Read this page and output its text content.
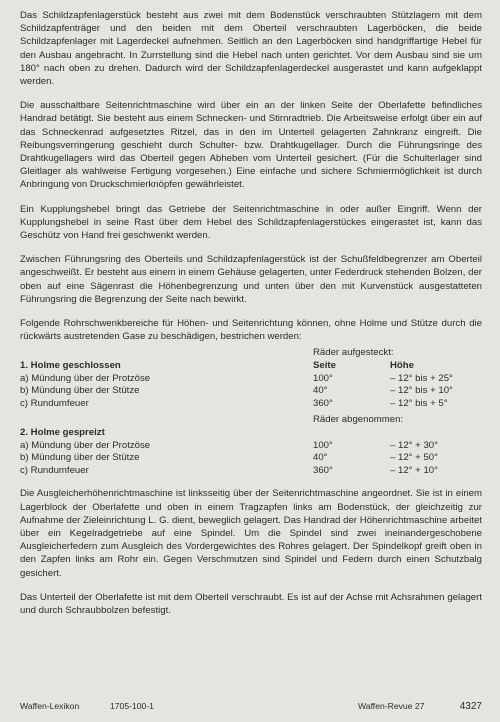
Das Schildzapfenlagerstück besteht aus zwei mit dem Bodenstück verschraubten Stützlagern mit dem Schildzapfenträger und den beiden mit dem Oberteil verschraubten Lagerböcken, die beide Schildzapfenlager mit Lagerdeckel aufnehmen. Seitlich an den Lagerböcken sind handgriffartige Hebel für den Ausbau angebracht. In Zurrstellung sind die Hebel nach unten gerichtet. Vor dem Ausbau sind sie um 180° nach oben zu drehen. Dadurch wird der Schildzapfenlagerdeckel ausgerastet und kann aufgeklappt werden.

Die ausschaltbare Seitenrichtmaschine wird über ein an der linken Seite der Oberlafette befindliches Handrad betätigt. Sie besteht aus einem Schnecken- und Stirnradtrieb. Die Arbeitsweise erfolgt über ein auf das Schneckenrad aufgesetztes Ritzel, das in den im Unterteil gelagerten Zahnkranz eingreift. Die Reibungsverringerung geschieht durch Schulter- bzw. Drahtkugellager. Durch die Führungsringe des Drahtkugellagers wird das Oberteil gegen Abheben vom Unterteil gesichert. (Für die Schulterlager sind Gleitlager als wahlweise Fertigung vorgesehen.) Eine einfache und sichere Schmiermöglichkeit ist durch Anbringung von Druckschmierknöpfen gewährleistet.

Ein Kupplungshebel bringt das Getriebe der Seitenrichtmaschine in oder außer Eingriff. Wenn der Kupplungshebel in seine Rast über dem Hebel des Schildzapfenlagerstückes eingerastet ist, kann das Geschütz von Hand frei geschwenkt werden.

Zwischen Führungsring des Oberteils und Schildzapfenlagerstück ist der Schußfeldbegrenzer am Oberteil angeschweißt. Er besteht aus einem in einem Gehäuse gelagerten, unter Federdruck stehenden Bolzen, der oben auf eine Sägenrast die Höhenbegrenzung und unten über den mit Kurvenstück ausgestatteten Führungsring die Begrenzung der Seite nach bewirkt.

Folgende Rohrschwenkbereiche für Höhen- und Seitenrichtung können, ohne Holme und Stütze durch die rückwärts austretenden Gase zu beschädigen, bestrichen werden:

Räder aufgesteckt:
1. Holme geschlossen	Seite	Höhe
a) Mündung über der Protzöse	100°	– 12° bis + 25°
b) Mündung über der Stütze	40°	– 12° bis + 10°
c) Rundumfeuer	360°	– 12° bis + 5°
Räder abgenommen:
2. Holme gespreizt
a) Mündung über der Protzöse	100°	– 12° + 30°
b) Mündung über der Stütze	40°	– 12° + 50°
c) Rundumfeuer	360°	– 12° + 10°

Die Ausgleicherhöhenrichtmaschine ist linksseitig über der Seitenrichtmaschine angeordnet. Sie ist in einem Lagerblock der Oberlafette und oben in einem Tragzapfen links am Bodenstück, der gleichzeitig zur Aufnahme der Zieleinrichtung L. G. dient, beweglich gelagert. Das Handrad der Höhenrichtmaschine arbeitet über ein Kegelradgetriebe auf eine Spindel. Um die Spindel sind zwei ineinandergeschobene Ausgleicherfedern zum Ausgleich des Vordergewichtes des Rohres gelagert. Der Spindelkopf greift oben in den Zapfen links am Rohr ein. Gegen Verschmutzen sind Spindel und Federn durch einen Schutzbalg gesichert.

Das Unterteil der Oberlafette ist mit dem Oberteil verschraubt. Es ist auf der Achse mit Achsrahmen gelagert und durch Schraubbolzen befestigt.

Waffen-Lexikon	1705-100-1	Waffen-Revue 27	4327
